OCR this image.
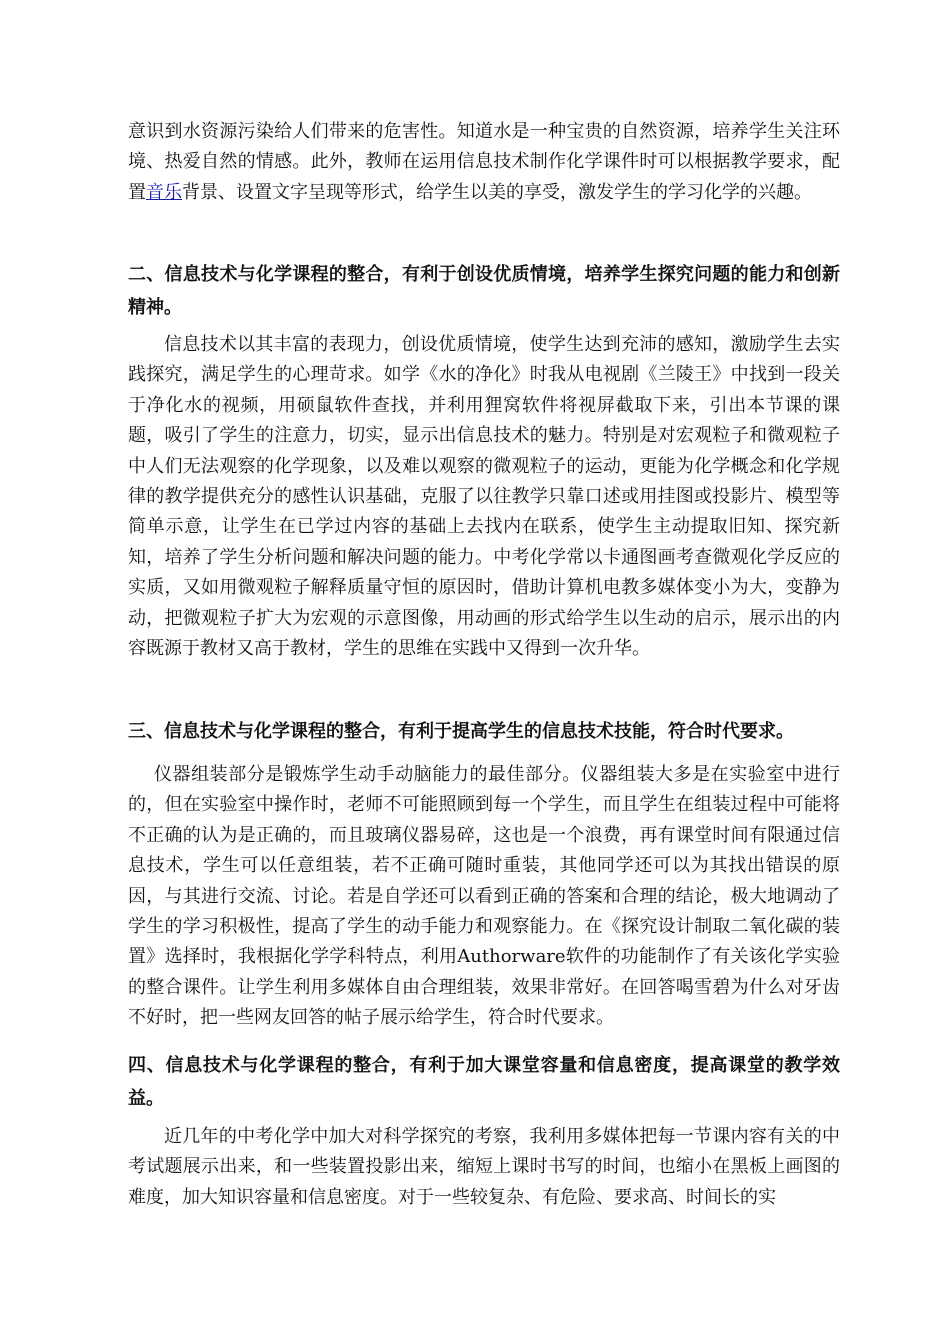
意识到水资源污染给人们带来的危害性。知道水是一种宝贵的自然资源，培养学生关注环境、热爱自然的情感。此外，教师在运用信息技术制作化学课件时可以根据教学要求，配置音乐背景、设置文字呈现等形式，给学生以美的享受，激发学生的学习化学的兴趣。

二、信息技术与化学课程的整合，有利于创设优质情境，培养学生探究问题的能力和创新精神。

信息技术以其丰富的表现力，创设优质情境，使学生达到充沛的感知，激励学生去实践探究，满足学生的心理苛求。如学《水的净化》时我从电视剧《兰陵王》中找到一段关于净化水的视频，用硕鼠软件查找，并利用狸窝软件将视屏截取下来，引出本节课的课题，吸引了学生的注意力，切实，显示出信息技术的魅力。特别是对宏观粒子和微观粒子中人们无法观察的化学现象，以及难以观察的微观粒子的运动，更能为化学概念和化学规律的教学提供充分的感性认识基础，克服了以往教学只靠口述或用挂图或投影片、模型等简单示意，让学生在已学过内容的基础上去找内在联系，使学生主动提取旧知、探究新知，培养了学生分析问题和解决问题的能力。中考化学常以卡通图画考查微观化学反应的实质，又如用微观粒子解释质量守恒的原因时，借助计算机电教多媒体变小为大，变静为动，把微观粒子扩大为宏观的示意图像，用动画的形式给学生以生动的启示，展示出的内容既源于教材又高于教材，学生的思维在实践中又得到一次升华。

三、信息技术与化学课程的整合，有利于提高学生的信息技术技能，符合时代要求。

仪器组装部分是锻炼学生动手动脑能力的最佳部分。仪器组装大多是在实验室中进行的，但在实验室中操作时，老师不可能照顾到每一个学生，而且学生在组装过程中可能将不正确的认为是正确的，而且玻璃仪器易碎，这也是一个浪费，再有课堂时间有限通过信息技术，学生可以任意组装，若不正确可随时重装，其他同学还可以为其找出错误的原因，与其进行交流、讨论。若是自学还可以看到正确的答案和合理的结论，极大地调动了学生的学习积极性，提高了学生的动手能力和观察能力。在《探究设计制取二氧化碳的装置》选择时，我根据化学学科特点，利用Authorware软件的功能制作了有关该化学实验的整合课件。让学生利用多媒体自由合理组装，效果非常好。在回答喝雪碧为什么对牙齿不好时，把一些网友回答的帖子展示给学生，符合时代要求。

四、信息技术与化学课程的整合，有利于加大课堂容量和信息密度，提高课堂的教学效益。

近几年的中考化学中加大对科学探究的考察，我利用多媒体把每一节课内容有关的中考试题展示出来，和一些装置投影出来，缩短上课时书写的时间，也缩小在黑板上画图的难度，加大知识容量和信息密度。对于一些较复杂、有危险、要求高、时间长的实
